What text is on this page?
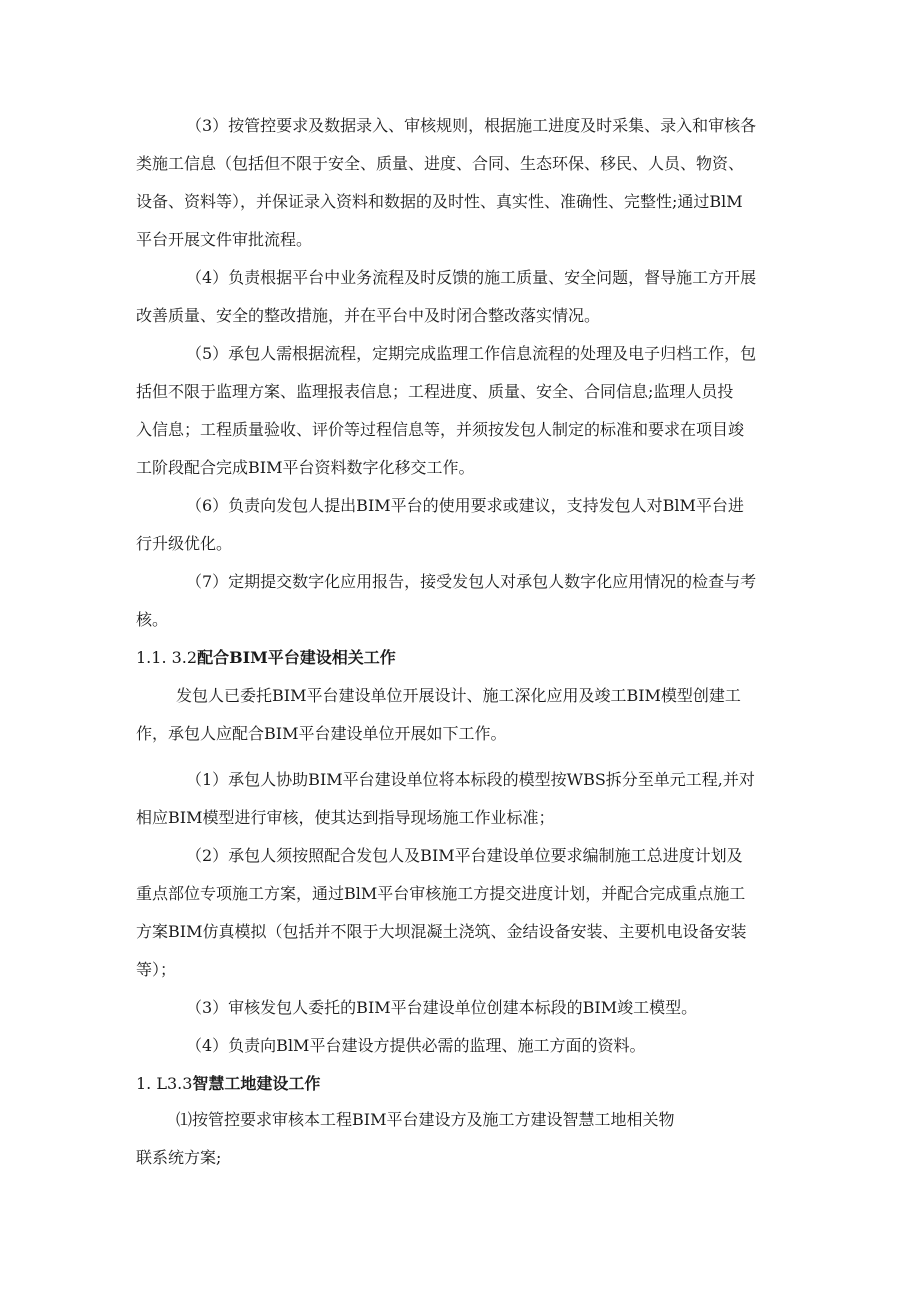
（3）按管控要求及数据录入、审核规则，根据施工进度及时采集、录入和审核各
类施工信息（包括但不限于安全、质量、进度、合同、生态环保、移民、人员、物资、
设备、资料等），并保证录入资料和数据的及时性、真实性、准确性、完整性;通过BlM
平台开展文件审批流程。
（4）负责根据平台中业务流程及时反馈的施工质量、安全问题，督导施工方开展
改善质量、安全的整改措施，并在平台中及时闭合整改落实情况。
（5）承包人需根据流程，定期完成监理工作信息流程的处理及电子归档工作，包
括但不限于监理方案、监理报表信息；工程进度、质量、安全、合同信息;监理人员投
入信息；工程质量验收、评价等过程信息等，并须按发包人制定的标准和要求在项目竣
工阶段配合完成BIM平台资料数字化移交工作。
（6）负责向发包人提出BIM平台的使用要求或建议，支持发包人对BlM平台进
行升级优化。
（7）定期提交数字化应用报告，接受发包人对承包人数字化应用情况的检查与考
核。
1.1. 3.2配合BIM平台建设相关工作
发包人已委托BIM平台建设单位开展设计、施工深化应用及竣工BIM模型创建工
作，承包人应配合BIM平台建设单位开展如下工作。
（1）承包人协助BIM平台建设单位将本标段的模型按WBS拆分至单元工程,并对
相应BIM模型进行审核，使其达到指导现场施工作业标准；
（2）承包人须按照配合发包人及BIM平台建设单位要求编制施工总进度计划及
重点部位专项施工方案，通过BlM平台审核施工方提交进度计划，并配合完成重点施工
方案BIM仿真模拟（包括并不限于大坝混凝土浇筑、金结设备安装、主要机电设备安装
等）；
（3）审核发包人委托的BIM平台建设单位创建本标段的BIM竣工模型。
（4）负责向BlM平台建设方提供必需的监理、施工方面的资料。
1. L3.3智慧工地建设工作
⑴按管控要求审核本工程BIM平台建设方及施工方建设智慧工地相关物
联系统方案;
